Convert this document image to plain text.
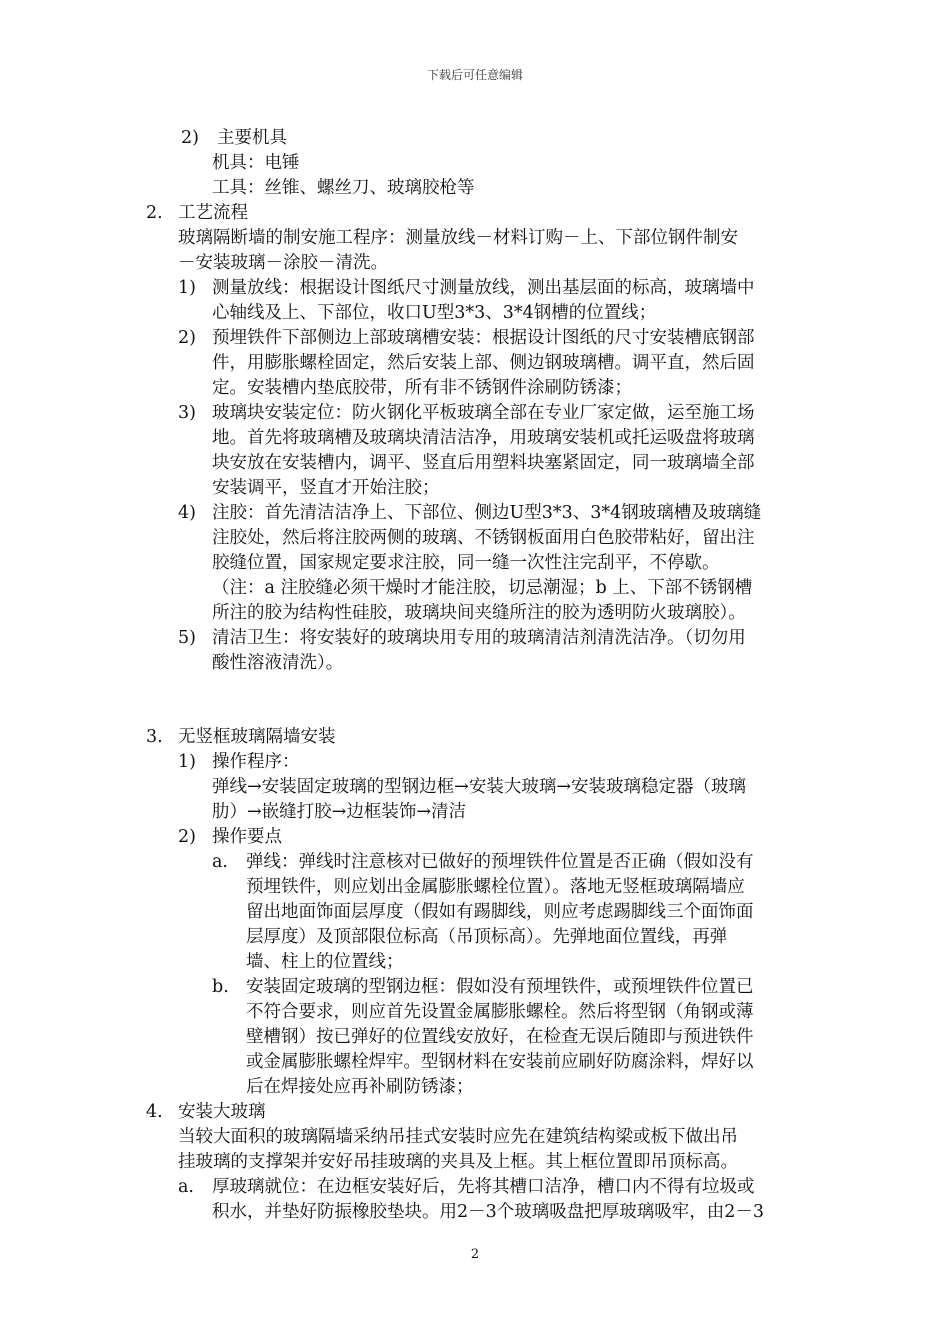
下载后可任意编辑
2) 主要机具
机具：电锤
工具：丝锥、螺丝刀、玻璃胶枪等
2. 工艺流程
玻璃隔断墙的制安施工程序：测量放线－材料订购－上、下部位钢件制安
－安装玻璃－涂胶－清洗。
1) 测量放线：根据设计图纸尺寸测量放线，测出基层面的标高，玻璃墙中
心轴线及上、下部位，收口U型3*3、3*4钢槽的位置线；
2) 预埋铁件下部侧边上部玻璃槽安装：根据设计图纸的尺寸安装槽底钢部
件，用膨胀螺栓固定，然后安装上部、侧边钢玻璃槽。调平直，然后固
定。安装槽内垫底胶带，所有非不锈钢件涂刷防锈漆；
3) 玻璃块安装定位：防火钢化平板玻璃全部在专业厂家定做，运至施工场
地。首先将玻璃槽及玻璃块清洁洁净，用玻璃安装机或托运吸盘将玻璃
块安放在安装槽内，调平、竖直后用塑料块塞紧固定，同一玻璃墙全部
安装调平，竖直才开始注胶；
4) 注胶：首先清洁洁净上、下部位、侧边U型3*3、3*4钢玻璃槽及玻璃缝
注胶处，然后将注胶两侧的玻璃、不锈钢板面用白色胶带粘好，留出注
胶缝位置，国家规定要求注胶，同一缝一次性注完刮平，不停歇。
（注：a 注胶缝必须干燥时才能注胶，切忌潮湿；b 上、下部不锈钢槽
所注的胶为结构性硅胶，玻璃块间夹缝所注的胶为透明防火玻璃胶）。
5) 清洁卫生：将安装好的玻璃块用专用的玻璃清洁剂清洗洁净。（切勿用
酸性溶液清洗）。
3. 无竖框玻璃隔墙安装
1) 操作程序：
弹线→安装固定玻璃的型钢边框→安装大玻璃→安装玻璃稳定器（玻璃
肋）→嵌缝打胶→边框装饰→清洁
2) 操作要点
a. 弹线：弹线时注意核对已做好的预埋铁件位置是否正确（假如没有
预埋铁件，则应划出金属膨胀螺栓位置）。落地无竖框玻璃隔墙应
留出地面饰面层厚度（假如有踢脚线，则应考虑踢脚线三个面饰面
层厚度）及顶部限位标高（吊顶标高）。先弹地面位置线，再弹
墙、柱上的位置线；
b. 安装固定玻璃的型钢边框：假如没有预埋铁件，或预埋铁件位置已
不符合要求，则应首先设置金属膨胀螺栓。然后将型钢（角钢或薄
壁槽钢）按已弹好的位置线安放好，在检查无误后随即与预进铁件
或金属膨胀螺栓焊牢。型钢材料在安装前应刷好防腐涂料，焊好以
后在焊接处应再补刷防锈漆；
4. 安装大玻璃
当较大面积的玻璃隔墙采纳吊挂式安装时应先在建筑结构梁或板下做出吊
挂玻璃的支撑架并安好吊挂玻璃的夹具及上框。其上框位置即吊顶标高。
a. 厚玻璃就位：在边框安装好后，先将其槽口洁净，槽口内不得有垃圾或
积水，并垫好防振橡胶垫块。用2－3个玻璃吸盘把厚玻璃吸牢，由2－3
2
